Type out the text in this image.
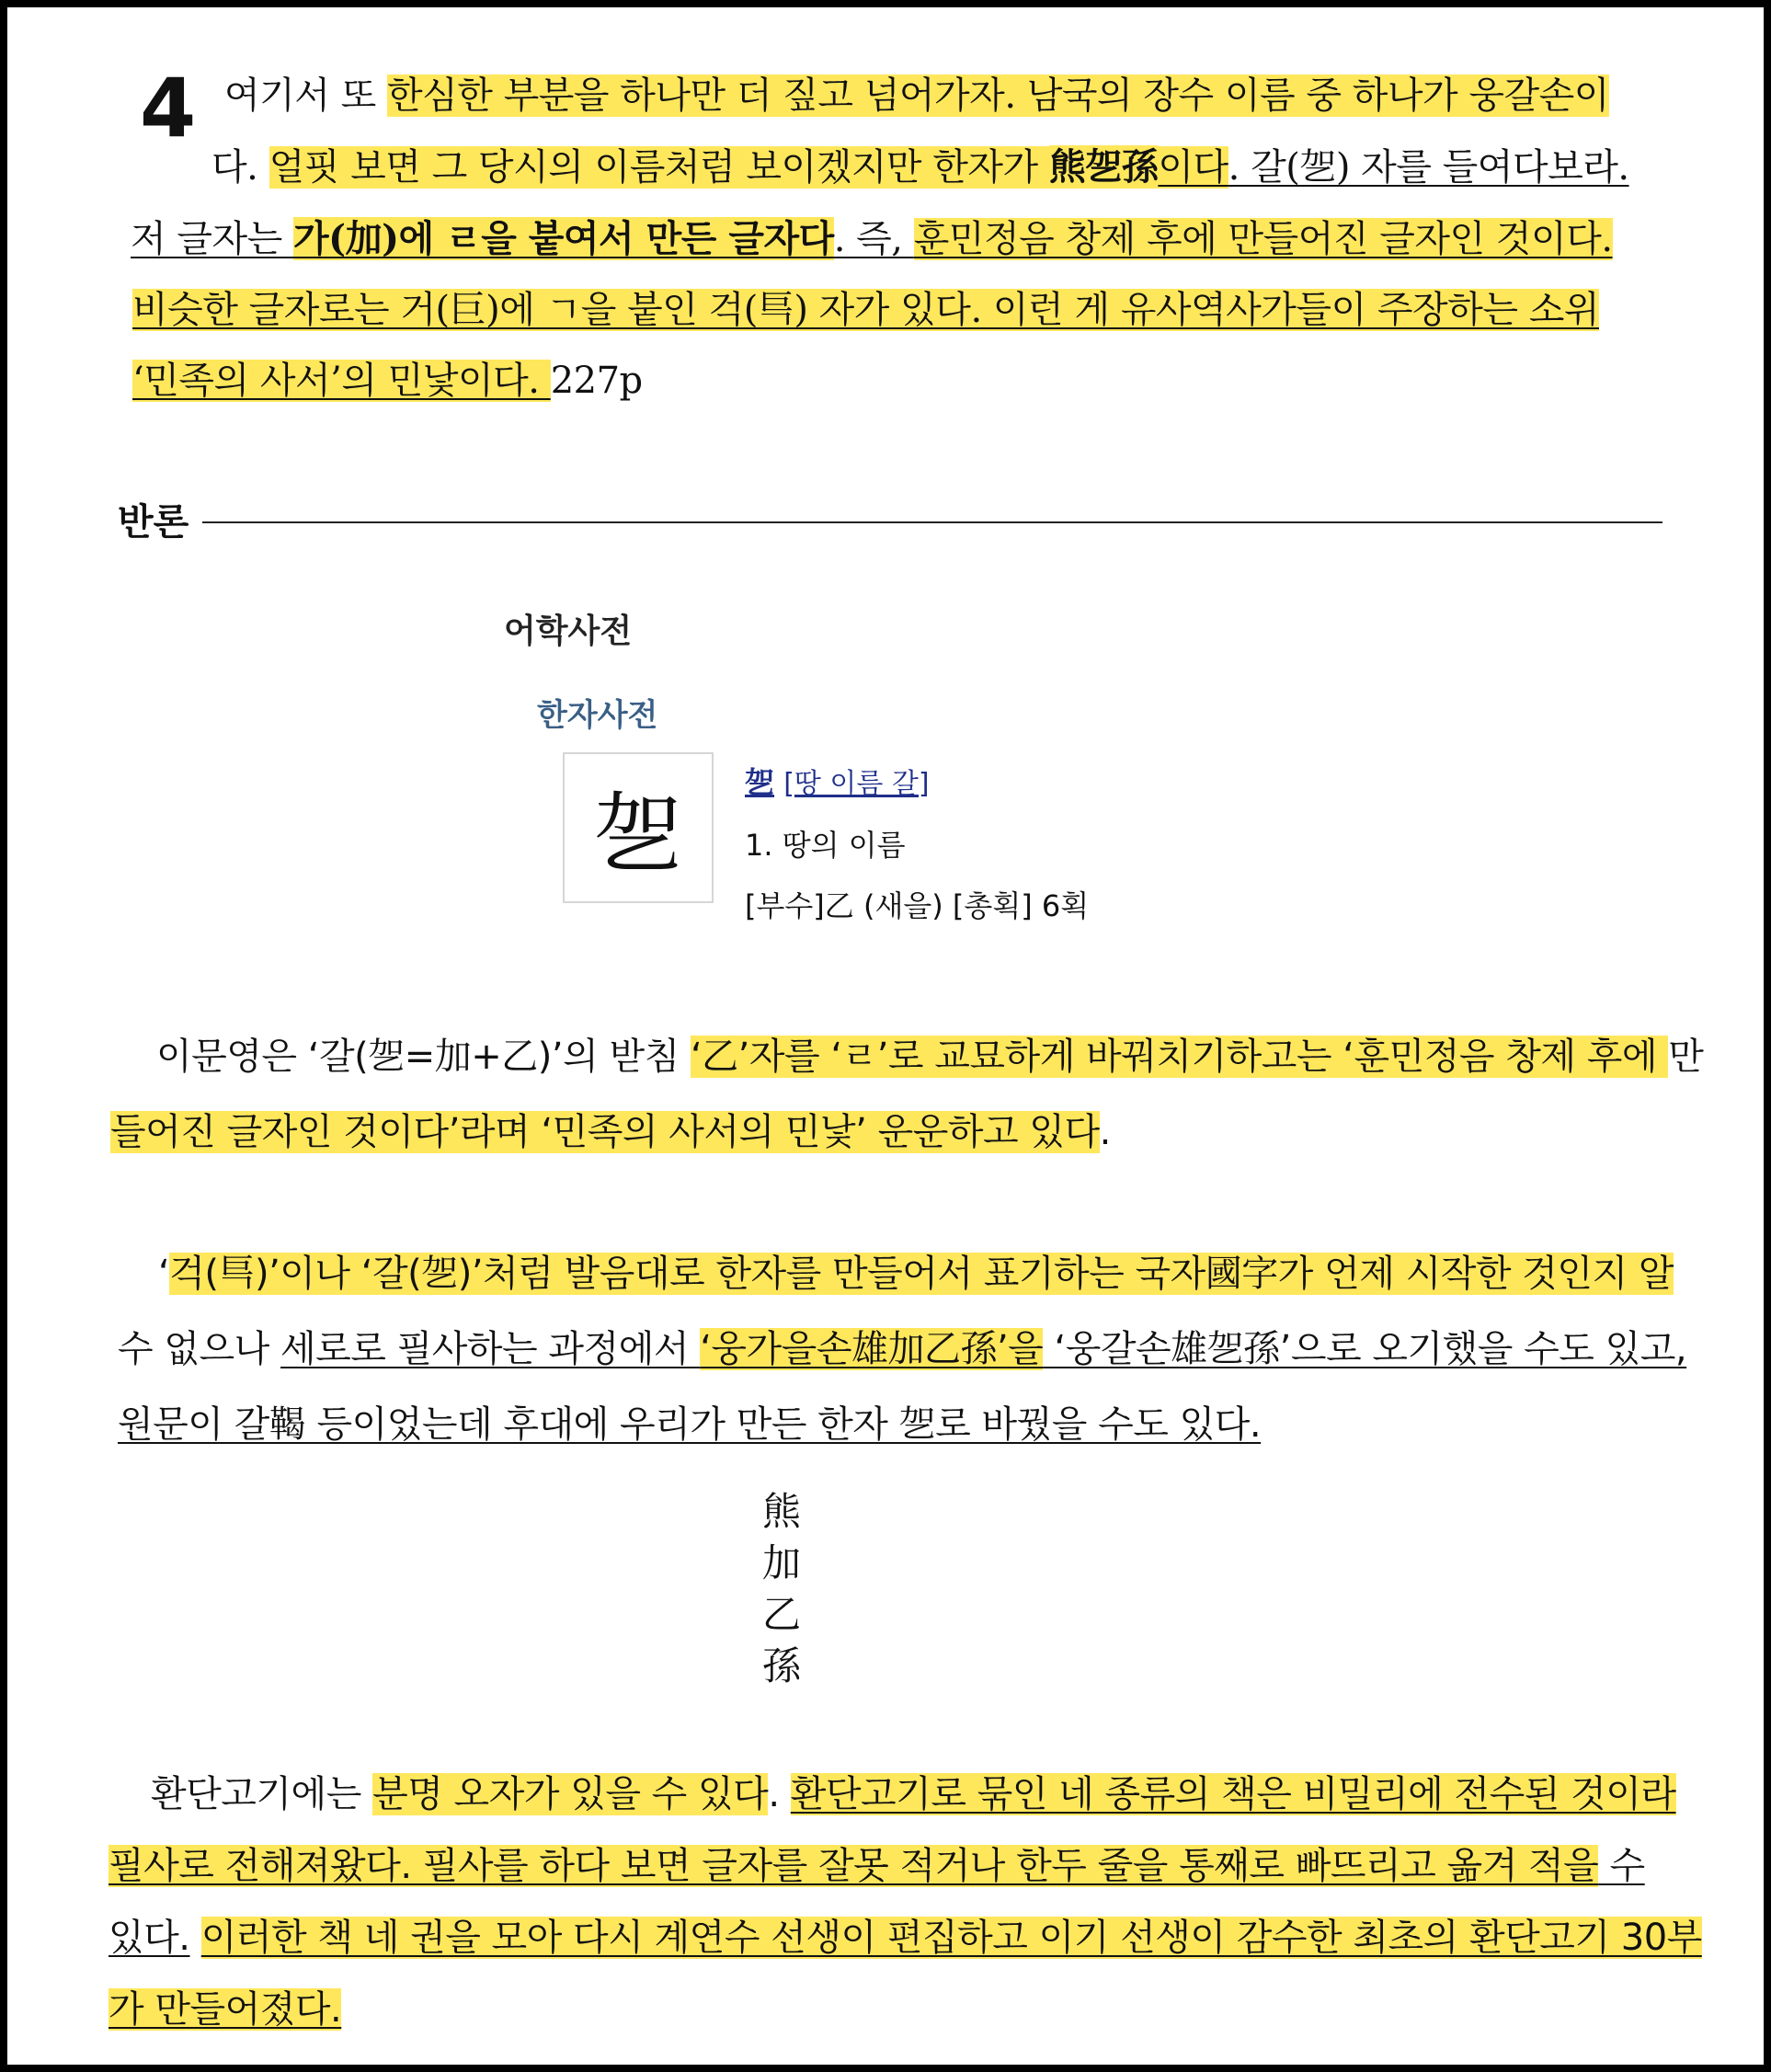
4 여기서 또 한심한 부분을 하나만 더 짚고 넘어가자. 남국의 장수 이름 중 하나가 웅갈손이
다. 얼핏 보면 그 당시의 이름처럼 보이겠지만 한자가 熊乫孫이다. 갈(乫) 자를 들여다보라.
저 글자는 가(加)에 ㄹ을 붙여서 만든 글자다. 즉, 훈민정음 창제 후에 만들어진 글자인 것이다.
비슷한 글자로는 거(巨)에 ㄱ을 붙인 걱(巪) 자가 있다. 이런 게 유사역사가들이 주장하는 소위
‘민족의 사서’의 민낯이다. 227p
반론
어학사전
한자사전
乫
乫 [땅 이름 갈]
1. 땅의 이름
[부수]乙 (새을) [총획] 6획
이문영은 ‘갈(乫=加+乙)’의 받침 ‘乙’자를 ‘ㄹ’로 교묘하게 바꿔치기하고는 ‘훈민정음 창제 후에 만
들어진 글자인 것이다’라며 ‘민족의 사서의 민낯’ 운운하고 있다.
‘걱(巪)’이나 ‘갈(乫)’처럼 발음대로 한자를 만들어서 표기하는 국자國字가 언제 시작한 것인지 알
수 없으나 세로로 필사하는 과정에서 ‘웅가을손雄加乙孫’을 ‘웅갈손雄乫孫’으로 오기했을 수도 있고,
원문이 갈鞨 등이었는데 후대에 우리가 만든 한자 乫로 바꿨을 수도 있다.
熊
加
乙
孫
환단고기에는 분명 오자가 있을 수 있다. 환단고기로 묶인 네 종류의 책은 비밀리에 전수된 것이라
필사로 전해져왔다. 필사를 하다 보면 글자를 잘못 적거나 한두 줄을 통째로 빠뜨리고 옮겨 적을 수
있다. 이러한 책 네 권을 모아 다시 계연수 선생이 편집하고 이기 선생이 감수한 최초의 환단고기 30부
가 만들어졌다.
